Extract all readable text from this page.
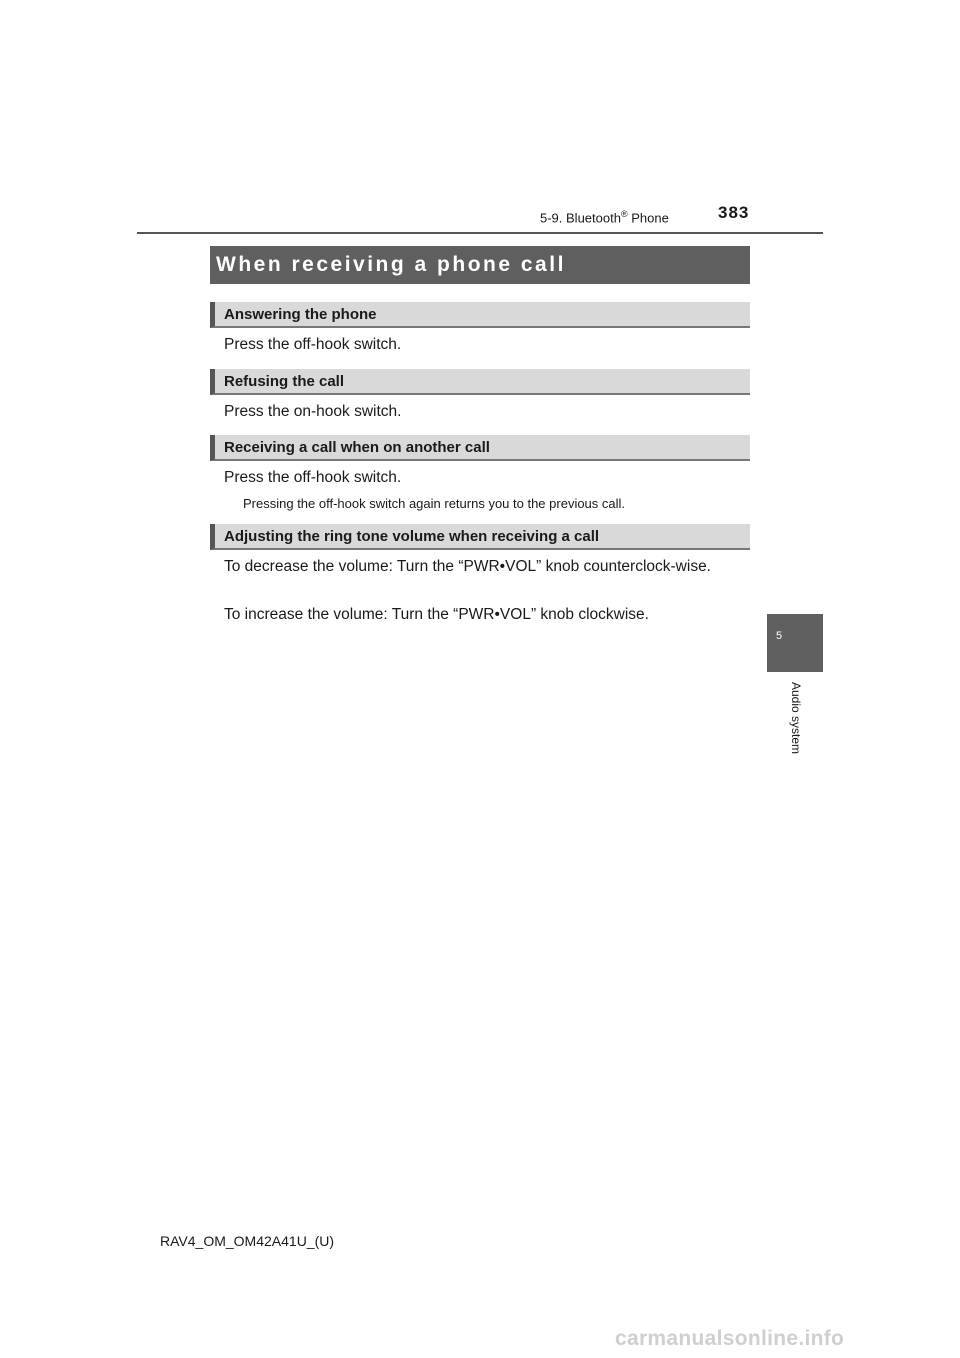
5-9. Bluetooth® Phone	383
When receiving a phone call
Answering the phone
Press the off-hook switch.
Refusing the call
Press the on-hook switch.
Receiving a call when on another call
Press the off-hook switch.
Pressing the off-hook switch again returns you to the previous call.
Adjusting the ring tone volume when receiving a call
To decrease the volume: Turn the “PWR•VOL” knob counterclock-wise.
To increase the volume: Turn the “PWR•VOL” knob clockwise.
5
Audio system
RAV4_OM_OM42A41U_(U)
carmanualsonline.info
